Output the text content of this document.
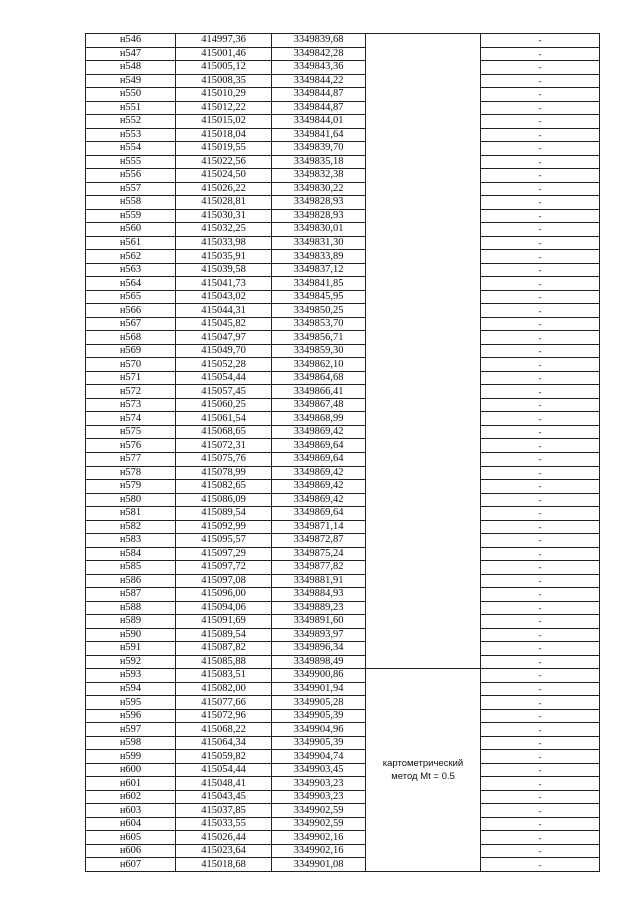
н546	414997,36	3349839,68		-
н547	415001,46	3349842,28		-
н548	415005,12	3349843,36		-
н549	415008,35	3349844,22		-
н550	415010,29	3349844,87		-
н551	415012,22	3349844,87		-
н552	415015,02	3349844,01		-
н553	415018,04	3349841,64		-
н554	415019,55	3349839,70		-
н555	415022,56	3349835,18		-
н556	415024,50	3349832,38		-
н557	415026,22	3349830,22		-
н558	415028,81	3349828,93		-
н559	415030,31	3349828,93		-
н560	415032,25	3349830,01		-
н561	415033,98	3349831,30		-
н562	415035,91	3349833,89		-
н563	415039,58	3349837,12		-
н564	415041,73	3349841,85		-
н565	415043,02	3349845,95		-
н566	415044,31	3349850,25		-
н567	415045,82	3349853,70		-
н568	415047,97	3349856,71		-
н569	415049,70	3349859,30		-
н570	415052,28	3349862,10		-
н571	415054,44	3349864,68		-
н572	415057,45	3349866,41		-
н573	415060,25	3349867,48		-
н574	415061,54	3349868,99		-
н575	415068,65	3349869,42		-
н576	415072,31	3349869,64		-
н577	415075,76	3349869,64		-
н578	415078,99	3349869,42		-
н579	415082,65	3349869,42		-
н580	415086,09	3349869,42		-
н581	415089,54	3349869,64		-
н582	415092,99	3349871,14		-
н583	415095,57	3349872,87		-
н584	415097,29	3349875,24		-
н585	415097,72	3349877,82		-
н586	415097,08	3349881,91		-
н587	415096,00	3349884,93		-
н588	415094,06	3349889,23		-
н589	415091,69	3349891,60		-
н590	415089,54	3349893,97		-
н591	415087,82	3349896,34		-
н592	415085,88	3349898,49		-
н593	415083,51	3349900,86	картометрический
метод Mt = 0.5	-
н594	415082,00	3349901,94		-
н595	415077,66	3349905,28		-
н596	415072,96	3349905,39		-
н597	415068,22	3349904,96		-
н598	415064,34	3349905,39		-
н599	415059,82	3349904,74		-
н600	415054,44	3349903,45		-
н601	415048,41	3349903,23		-
н602	415043,45	3349903,23		-
н603	415037,85	3349902,59		-
н604	415033,55	3349902,59		-
н605	415026,44	3349902,16		-
н606	415023,64	3349902,16		-
н607	415018,68	3349901,08		-
